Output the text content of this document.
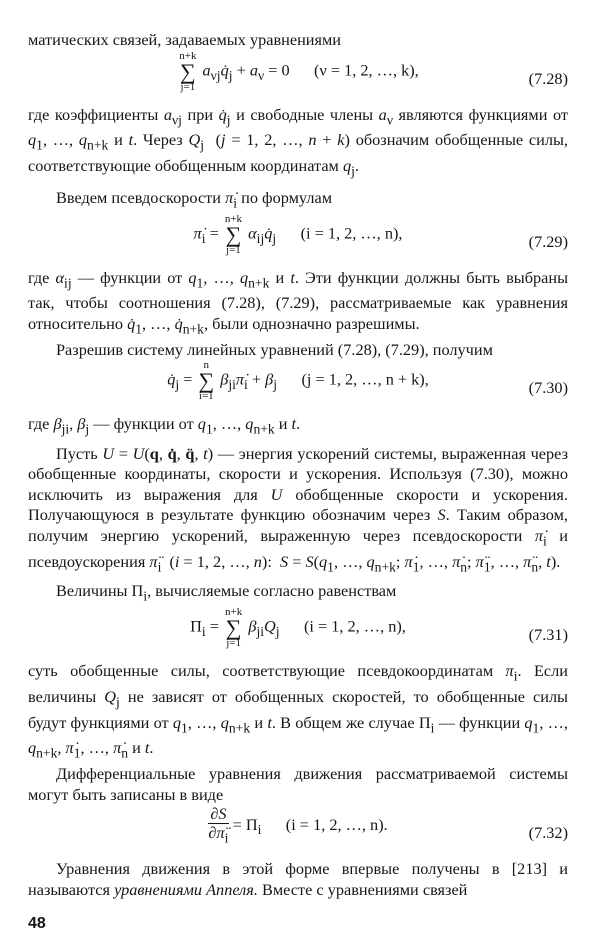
матических связей, задаваемых уравнениями

n+k
∑
j=1
$a_{\nu j}q̇_j + a_\nu = 0$      (ν = 1, 2, …, k),	(7.28)

где коэффициенты $a_{\nu j}$ при $q̇_j$ и свободные члены $a_\nu$ являются функциями от $q_1$, …, $q_{n+k}$ и t. Через $Q_j$  (j = 1, 2, …, n + k) обозначим обобщенные силы, соответствующие обобщенным координатам $q_j$.

Введем псевдоскорости $\pi̇_i$ по формулам

$\pi̇_i$ =
n+k
∑
j=1
$\alpha_{ij}q̇_j$ (i = 1, 2, …, n),	(7.29)

где $\alpha_{ij}$ — функции от $q_1$, …, $q_{n+k}$ и t. Эти функции должны быть выбраны так, чтобы соотношения (7.28), (7.29), рассматриваемые как уравнения относительно $q̇_1$, …, $q̇_{n+k}$, были однозначно разрешимы.

Разрешив систему линейных уравнений (7.28), (7.29), получим

$q̇_j$ =
n
∑
i=1
$\beta_{ji}\pi̇_i + \beta_j$ (j = 1, 2, …, n + k),	(7.30)

где $\beta_{ji}$, $\beta_j$ — функции от $q_1$, …, $q_{n+k}$ и t.

Пусть U = U(q, q̇, q̈, t) — энергия ускорений системы, выраженная через обобщенные координаты, скорости и ускорения. Используя (7.30), можно исключить из выражения для U обобщенные скорости и ускорения. Получающуюся в результате функцию обозначим через S. Таким образом, получим энергию ускорений, выраженную через псевдоскорости $\pi̇_i$ и псевдоускорения $\pï_i$  (i = 1, 2, …, n):  $S = S(q_1$, …, $q_{n+k}$; $\pi̇_1$, …, $\pi̇_n$; $\pï_1$, …, $\pï_n$, t).

Величины $\Pi_i$, вычисляемые согласно равенствам

$\Pi_i$ =
n+k
∑
j=1
$\beta_{ji}Q_j$ (i = 1, 2, …, n),	(7.31)

суть обобщенные силы, соответствующие псевдокоординатам $\pi_i$. Если величины $Q_j$ не зависят от обобщенных скоростей, то обобщенные силы будут функциями от $q_1$, …, $q_{n+k}$ и t. В общем же случае $\Pi_i$ — функции $q_1$, …, $q_{n+k}$, $\pi̇_1$, …, $\pi̇_n$ и t.

Дифференциальные уравнения движения рассматриваемой системы могут быть записаны в виде

$\frac{\partial S}{\partial\pï_i} = \Pi_i$ (i = 1, 2, …, n).	(7.32)

Уравнения движения в этой форме впервые получены в [213] и называются уравнениями Аппеля. Вместе с уравнениями связей

48
